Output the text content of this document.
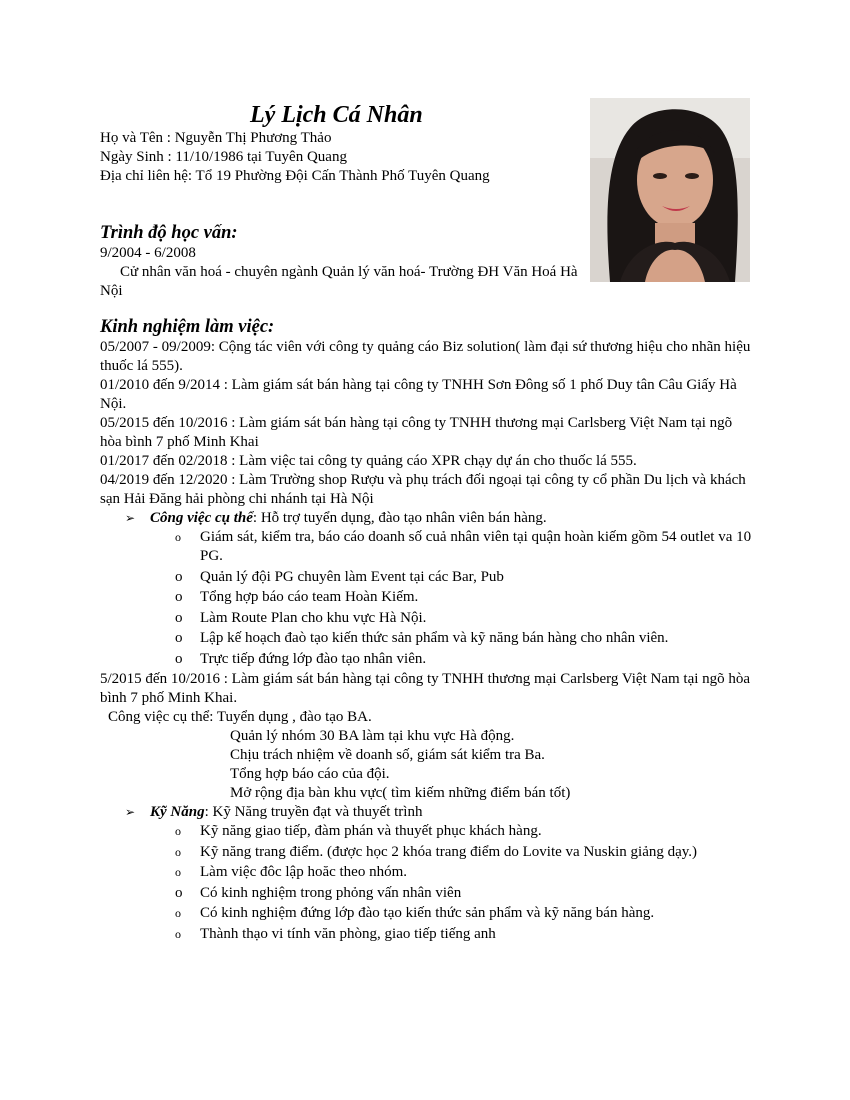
Lý Lịch Cá Nhân
Họ và Tên : Nguyễn Thị Phương Thảo
Ngày Sinh : 11/10/1986 tại Tuyên Quang
Địa chỉ liên hệ: Tổ 19 Phường Đội Cấn Thành Phố Tuyên Quang
Trình độ học vấn:
9/2004 - 6/2008
Cử nhân văn hoá - chuyên ngành Quản lý văn hoá- Trường ĐH Văn Hoá Hà Nội
Kinh nghiệm làm việc:
05/2007 - 09/2009: Cộng tác viên với công ty quảng cáo Biz solution( làm đại sứ thương hiệu cho nhãn hiệu thuốc lá 555).
01/2010 đến 9/2014 : Làm giám sát bán hàng tại công ty TNHH Sơn Đông số 1 phố Duy tân Câu Giấy Hà Nội.
05/2015 đến 10/2016 : Làm giám sát bán hàng tại công ty TNHH thương mại Carlsberg Việt Nam tại ngõ hòa bình 7 phố Minh Khai
01/2017 đến 02/2018 : Làm việc tai công ty quảng cáo XPR chạy dự án cho thuốc lá 555.
04/2019 đến 12/2020 : Làm Trường shop Rượu và phụ trách đối ngoại tại công ty cổ phần Du lịch và khách sạn Hải Đăng hải phòng chi nhánh tại Hà Nội
➢ Công việc cụ thể: Hỗ trợ tuyển dụng, đào tạo nhân viên bán hàng.
o Giám sát, kiểm tra, báo cáo doanh số cuả nhân viên tại quận hoàn kiếm gồm 54 outlet va 10 PG.
o Quản lý đội PG chuyên làm Event tại các Bar, Pub
o Tổng hợp báo cáo team Hoàn Kiếm.
o Làm Route Plan cho khu vực Hà Nội.
o Lập kế hoạch đaò tạo kiến thức sản phẩm và kỹ năng bán hàng cho nhân viên.
o Trực tiếp đứng lớp đào tạo nhân viên.
5/2015 đến 10/2016 : Làm giám sát bán hàng tại công ty TNHH thương mại Carlsberg Việt Nam tại ngõ hòa bình 7 phố Minh Khai.
Công việc cụ thể: Tuyển dụng , đào tạo BA.
Quản lý nhóm 30 BA làm tại khu vực Hà động.
Chịu trách nhiệm về doanh số, giám sát kiểm tra Ba.
Tổng hợp báo cáo của đội.
Mở rộng địa bàn khu vực( tìm kiếm những điểm bán tốt)
➢ Kỹ Năng: Kỹ Năng truyền đạt và thuyết trình
o Kỹ năng giao tiếp, đàm phán và thuyết phục khách hàng.
o Kỹ năng trang điểm. (được học 2 khóa trang điểm do Lovite va Nuskin giảng dạy.)
o Làm việc đôc lập hoăc theo nhóm.
o Có kinh nghiệm trong phỏng vấn nhân viên
o Có kinh nghiệm đứng lớp đào tạo kiến thức sản phẩm và kỹ năng bán hàng.
o Thành thạo vi tính văn phòng, giao tiếp tiếng anh
